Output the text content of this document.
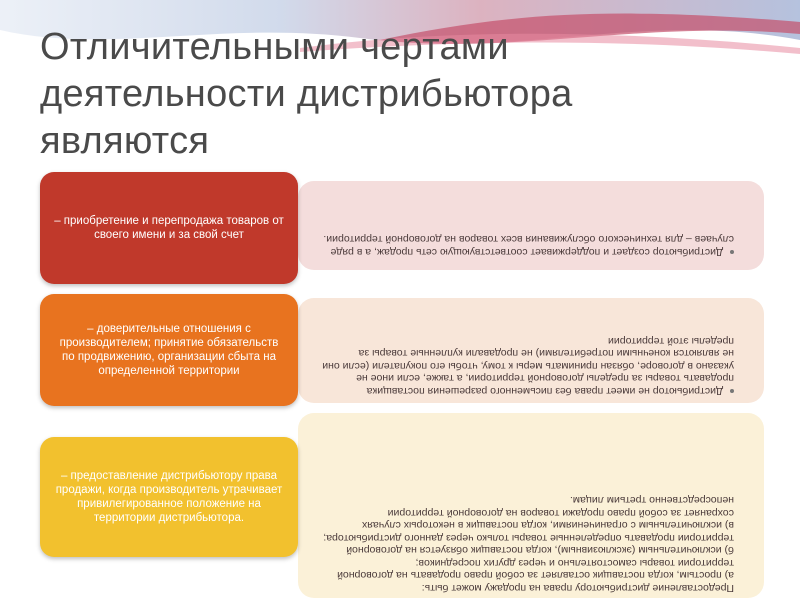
Отличительными чертами деятельности дистрибьютора являются
Дистрибьютор создает и поддерживает соответствующую сеть продаж, а в ряде случаев – для технического обслуживания всех товаров на договорной территории.
– приобретение и перепродажа товаров от своего имени и за свой счет
Дистрибьютор не имеет права без письменного разрешения поставщика продавать товары за пределы договорной территории, а также, если иное не указано в договоре, обязан принимать меры к тому, чтобы его покупатели (если они не являются конечными потребителями) не продавали купленные товары за пределы этой территории
– доверительные отношения с производителем; принятие обязательств по продвижению, организации сбыта на определенной территории
Предоставление дистрибьютору права на продажу может быть:
а) простым, когда поставщик оставляет за собой право продавать на договорной территории товары самостоятельно и через других посредников;
б) исключительным (эксклюзивным), когда поставщик обязуется на договорной территории продавать определенные товары только через данного дистрибьютора;
в) исключительным с ограничениями, когда поставщик в некоторых случаях сохраняет за собой право продажи товаров на договорной территории непосредственно третьим лицам.
– предоставление дистрибьютору права продажи, когда производитель утрачивает привилегированное положение на территории дистрибьютора.
